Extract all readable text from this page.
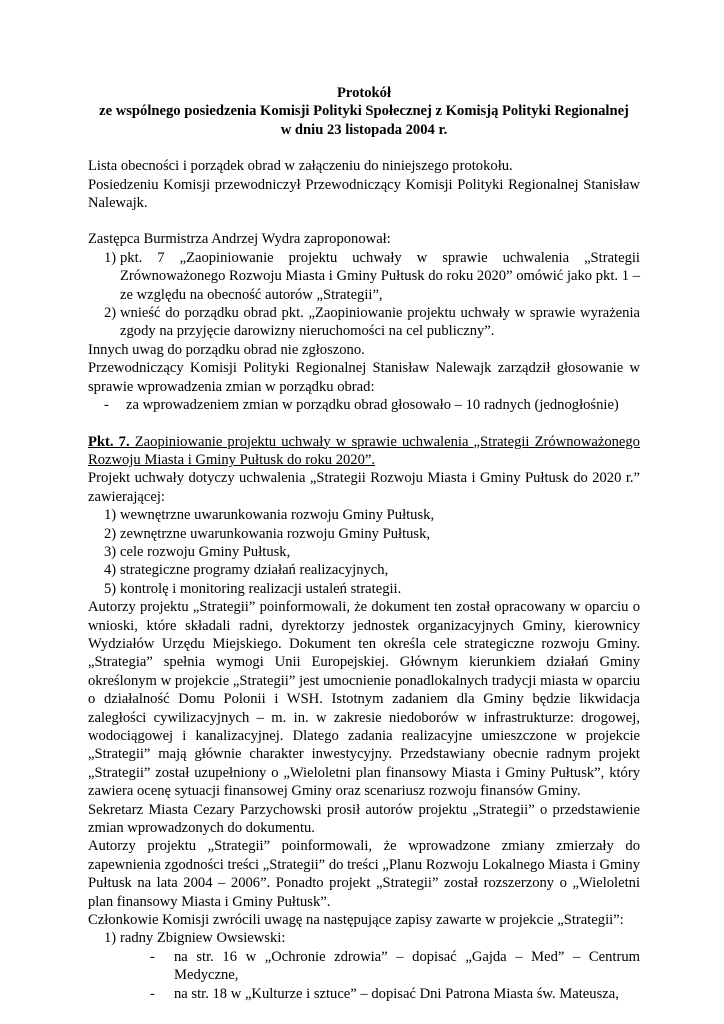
Protokół
ze wspólnego posiedzenia Komisji Polityki Społecznej z Komisją Polityki Regionalnej
w dniu 23 listopada 2004 r.
Lista obecności i porządek obrad w załączeniu do niniejszego protokołu.
Posiedzeniu Komisji przewodniczył Przewodniczący Komisji Polityki Regionalnej Stanisław Nalewajk.
Zastępca Burmistrza Andrzej Wydra zaproponował:
1) pkt. 7 „Zaopiniowanie projektu uchwały w sprawie uchwalenia „Strategii Zrównoważonego Rozwoju Miasta i Gminy Pułtusk do roku 2020” omówić jako pkt. 1 – ze względu na obecność autorów „Strategii”,
2) wnieść do porządku obrad pkt. „Zaopiniowanie projektu uchwały w sprawie wyrażenia zgody na przyjęcie darowizny nieruchomości na cel publiczny”.
Innych uwag do porządku obrad nie zgłoszono.
Przewodniczący Komisji Polityki Regionalnej Stanisław Nalewajk zarządził głosowanie w sprawie wprowadzenia zmian w porządku obrad:
-	za wprowadzeniem zmian w porządku obrad głosowało – 10 radnych (jednogłośnie)
Pkt. 7. Zaopiniowanie projektu uchwały w sprawie uchwalenia „Strategii Zrównoważonego Rozwoju Miasta i Gminy Pułtusk do roku 2020”.
Projekt uchwały dotyczy uchwalenia „Strategii Rozwoju Miasta i Gminy Pułtusk do 2020 r.” zawierającej:
1) wewnętrzne uwarunkowania rozwoju Gminy Pułtusk,
2) zewnętrzne uwarunkowania rozwoju Gminy Pułtusk,
3) cele rozwoju Gminy Pułtusk,
4) strategiczne programy działań realizacyjnych,
5) kontrolę i monitoring realizacji ustaleń strategii.
Autorzy projektu „Strategii” poinformowali, że dokument ten został opracowany w oparciu o wnioski, które składali radni, dyrektorzy jednostek organizacyjnych Gminy, kierownicy Wydziałów Urzędu Miejskiego. Dokument ten określa cele strategiczne rozwoju Gminy. „Strategia” spełnia wymogi Unii Europejskiej. Głównym kierunkiem działań Gminy określonym w projekcie „Strategii” jest umocnienie ponadlokalnych tradycji miasta w oparciu o działalność Domu Polonii i WSH. Istotnym zadaniem dla Gminy będzie likwidacja zaległości cywilizacyjnych – m. in. w zakresie niedoborów w infrastrukturze: drogowej, wodociągowej i kanalizacyjnej. Dlatego zadania realizacyjne umieszczone w projekcie „Strategii” mają głównie charakter inwestycyjny. Przedstawiany obecnie radnym projekt „Strategii” został uzupełniony o „Wieloletni plan finansowy Miasta i Gminy Pułtusk”, który zawiera ocenę sytuacji finansowej Gminy oraz scenariusz rozwoju finansów Gminy.
Sekretarz Miasta Cezary Parzychowski prosił autorów projektu „Strategii” o przedstawienie zmian wprowadzonych do dokumentu.
Autorzy projektu „Strategii” poinformowali, że wprowadzone zmiany zmierzały do zapewnienia zgodności treści „Strategii” do treści „Planu Rozwoju Lokalnego Miasta i Gminy Pułtusk na lata 2004 – 2006”. Ponadto projekt „Strategii” został rozszerzony o „Wieloletni plan finansowy Miasta i Gminy Pułtusk”.
Członkowie Komisji zwrócili uwagę na następujące zapisy zawarte w projekcie „Strategii”:
1) radny Zbigniew Owsiewski:
-	na str. 16 w „Ochronie zdrowia” – dopisać „Gajda – Med” – Centrum Medyczne,
-	na str. 18 w „Kulturze i sztuce” – dopisać Dni Patrona Miasta św. Mateusza,
